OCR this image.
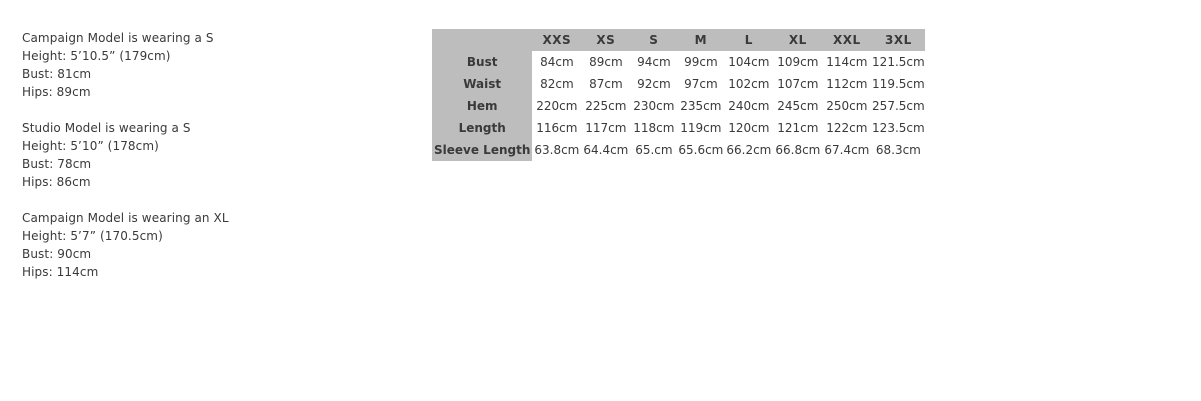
Campaign Model is wearing a S
Height: 5’10.5” (179cm)
Bust: 81cm
Hips: 89cm
Studio Model is wearing a S
Height: 5’10” (178cm)
Bust: 78cm
Hips: 86cm
Campaign Model is wearing an XL
Height: 5’7” (170.5cm)
Bust: 90cm
Hips: 114cm
	XXS	XS	S	M	L	XL	XXL	3XL
Bust	84cm	89cm	94cm	99cm	104cm	109cm	114cm	121.5cm
Waist	82cm	87cm	92cm	97cm	102cm	107cm	112cm	119.5cm
Hem	220cm	225cm	230cm	235cm	240cm	245cm	250cm	257.5cm
Length	116cm	117cm	118cm	119cm	120cm	121cm	122cm	123.5cm
Sleeve Length	63.8cm	64.4cm	65.cm	65.6cm	66.2cm	66.8cm	67.4cm	68.3cm
